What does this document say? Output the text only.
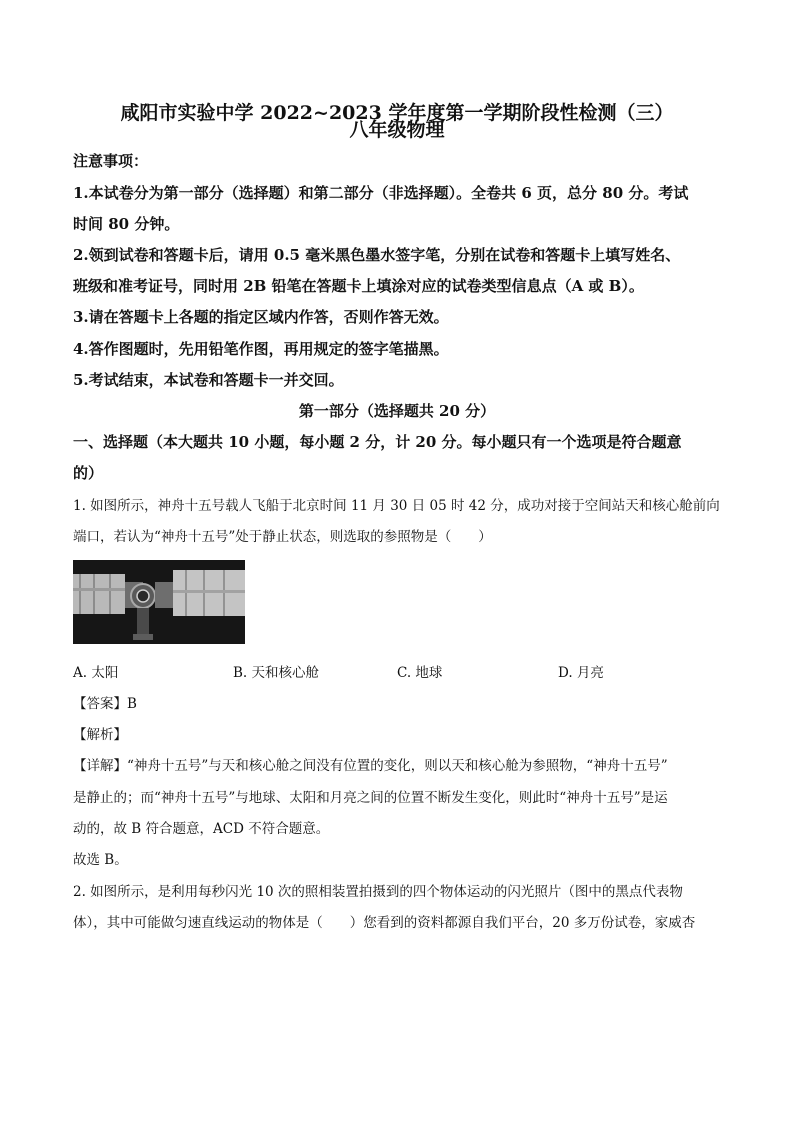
咸阳市实验中学 2022~2023 学年度第一学期阶段性检测（三）
八年级物理
注意事项：
1.本试卷分为第一部分（选择题）和第二部分（非选择题）。全卷共 6 页，总分 80 分。考试
时间 80 分钟。
2.领到试卷和答题卡后，请用 0.5 毫米黑色墨水签字笔，分别在试卷和答题卡上填写姓名、
班级和准考证号，同时用 2B 铅笔在答题卡上填涂对应的试卷类型信息点（A 或 B）。
3.请在答题卡上各题的指定区域内作答，否则作答无效。
4.答作图题时，先用铅笔作图，再用规定的签字笔描黑。
5.考试结束，本试卷和答题卡一并交回。
第一部分（选择题共 20 分）
一、选择题（本大题共 10 小题，每小题 2 分，计 20 分。每小题只有一个选项是符合题意
的）
1. 如图所示，神舟十五号载人飞船于北京时间 11 月 30 日 05 时 42 分，成功对接于空间站天和核心舱前向
端口，若认为“神舟十五号”处于静止状态，则选取的参照物是（　　）
A. 太阳	B. 天和核心舱	C. 地球	D. 月亮
【答案】B
【解析】
【详解】“神舟十五号”与天和核心舱之间没有位置的变化，则以天和核心舱为参照物，“神舟十五号”
是静止的；而“神舟十五号”与地球、太阳和月亮之间的位置不断发生变化，则此时“神舟十五号”是运
动的，故 B 符合题意，ACD 不符合题意。
故选 B。
2. 如图所示，是利用每秒闪光 10 次的照相装置拍摄到的四个物体运动的闪光照片（图中的黑点代表物
体），其中可能做匀速直线运动的物体是（　　）您看到的资料都源自我们平台，20 多万份试卷，家威杏
